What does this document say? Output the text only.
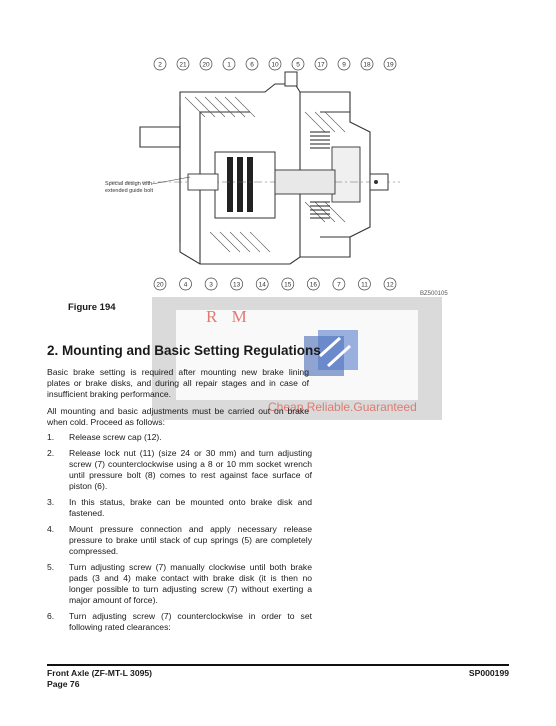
2	21 20	1	6	10	5	17	9	18 19
20	4	3	13	14	15	16	7	11	12
Special design with
extended guide bolt
BZ500105
Figure 194	R M
Cheap.Reliable.Guaranteed
2. Mounting and Basic Setting Regulations

Basic brake setting is required after mounting new brake lining plates or brake disks, and during all repair stages and in case of insufficient braking performance.

All mounting and basic adjustments must be carried out on brake when cold. Proceed as follows:

1. Release screw cap (12).
2. Release lock nut (11) (size 24 or 30 mm) and turn adjusting screw (7) counterclockwise using a 8 or 10 mm socket wrench until pressure bolt (8) comes to rest against face surface of piston (6).
3. In this status, brake can be mounted onto brake disk and fastened.
4. Mount pressure connection and apply necessary release pressure to brake until stack of cup springs (5) are completely compressed.
5. Turn adjusting screw (7) manually clockwise until both brake pads (3 and 4) make contact with brake disk (it is then no longer possible to turn adjusting screw (7) without exerting a major amount of force).
6. Turn adjusting screw (7) counterclockwise in order to set following rated clearances:
Front Axle (ZF-MT-L 3095)
Page 76
SP000199
